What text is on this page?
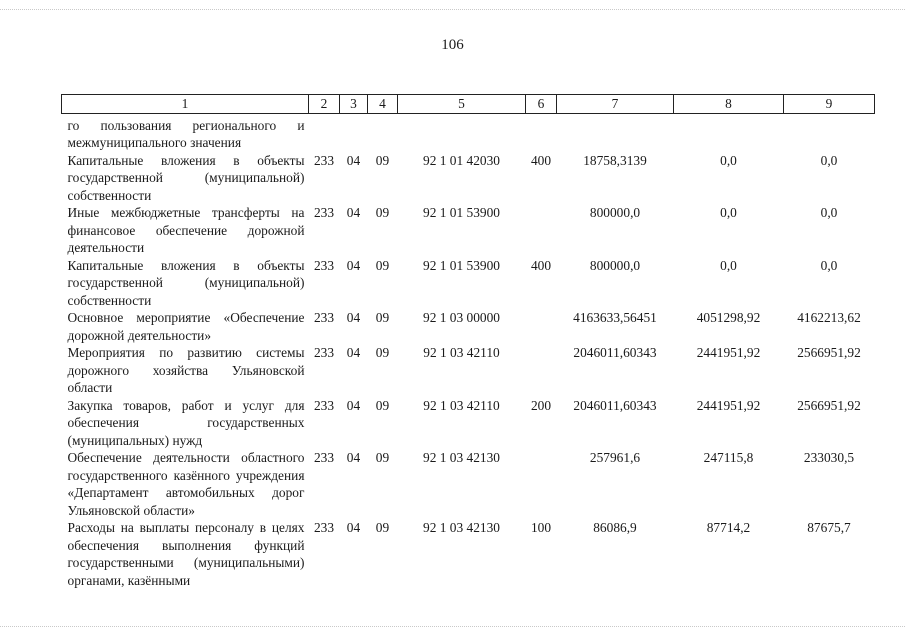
106
1	2	3	4	5	6	7	8	9
го пользования регионального и межмуниципального значения								
Капитальные вложения в объекты государственной (муниципальной) собственности	233	04	09	92 1 01 42030	400	18758,3139	0,0	0,0
Иные межбюджетные трансферты на финансовое обеспечение дорожной деятельности	233	04	09	92 1 01 53900		800000,0	0,0	0,0
Капитальные вложения в объекты государственной (муниципальной) собственности	233	04	09	92 1 01 53900	400	800000,0	0,0	0,0
Основное мероприятие «Обеспечение дорожной деятельности»	233	04	09	92 1 03 00000		4163633,56451	4051298,92	4162213,62
Мероприятия по развитию системы дорожного хозяйства Ульяновской области	233	04	09	92 1 03 42110		2046011,60343	2441951,92	2566951,92
Закупка товаров, работ и услуг для обеспечения государственных (муниципальных) нужд	233	04	09	92 1 03 42110	200	2046011,60343	2441951,92	2566951,92
Обеспечение деятельности областного государственного казённого учреждения «Департамент автомобильных дорог Ульяновской области»	233	04	09	92 1 03 42130		257961,6	247115,8	233030,5
Расходы на выплаты персоналу в целях обеспечения выполнения функций государственными (муниципальными) органами, казёнными	233	04	09	92 1 03 42130	100	86086,9	87714,2	87675,7
